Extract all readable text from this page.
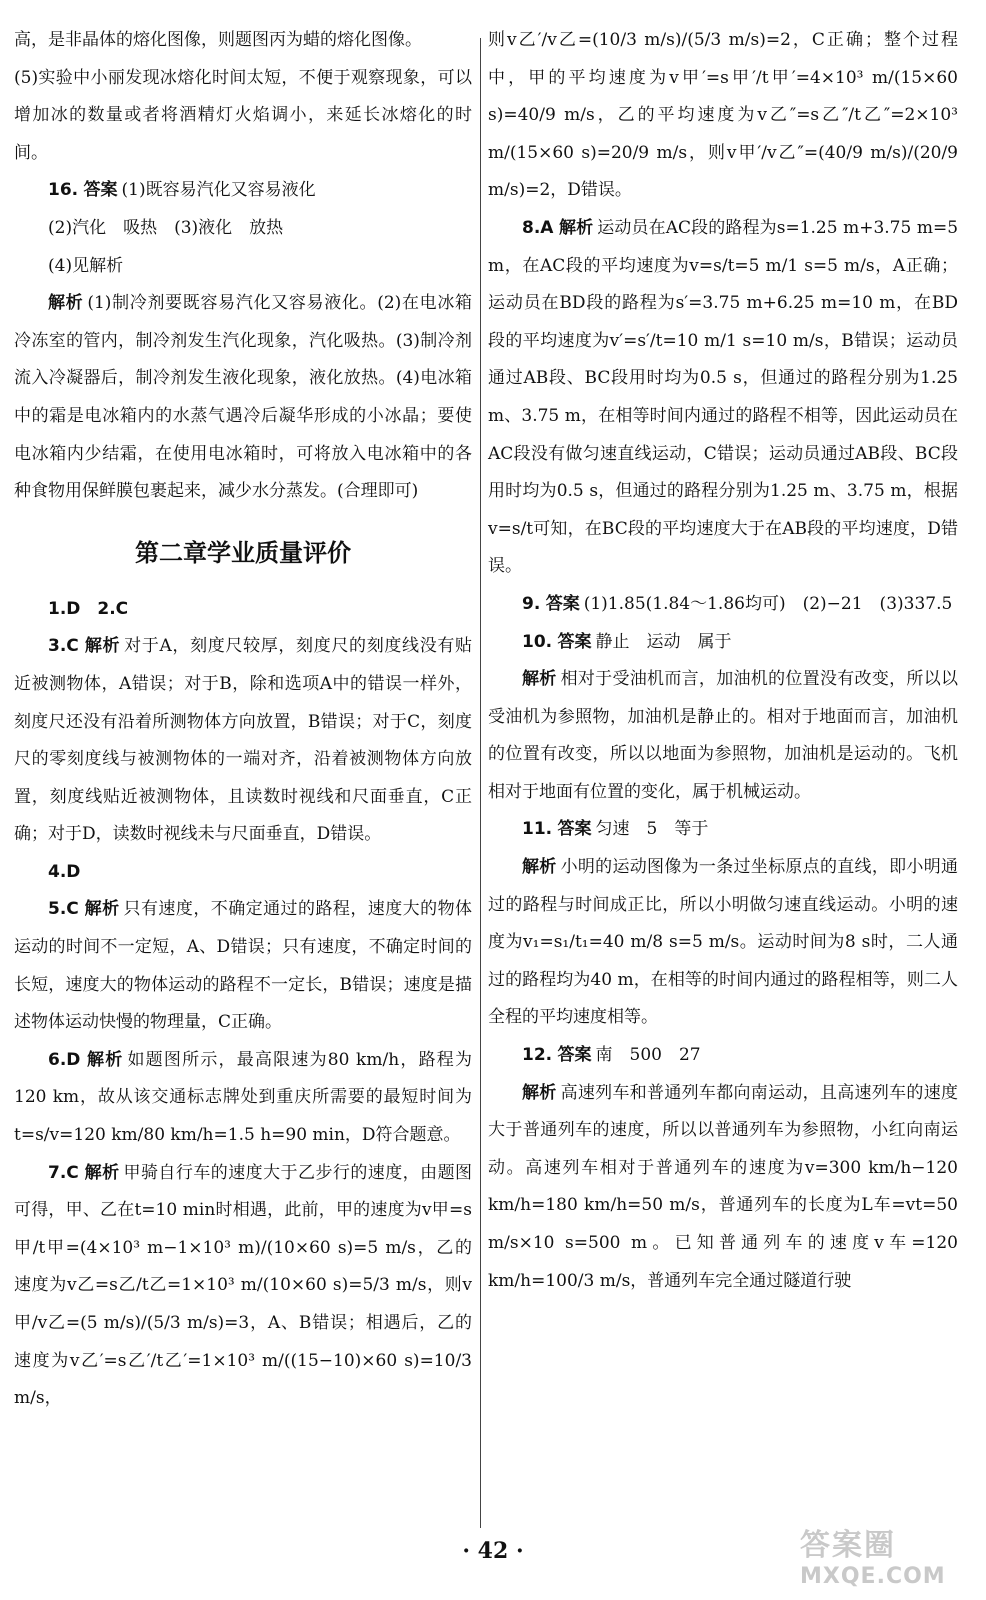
高，是非晶体的熔化图像，则题图丙为蜡的熔化图像。

(5)实验中小丽发现冰熔化时间太短，不便于观察现象，可以增加冰的数量或者将酒精灯火焰调小，来延长冰熔化的时间。

16. 答案 (1)既容易汽化又容易液化

(2)汽化　吸热　(3)液化　放热

(4)见解析

解析 (1)制冷剂要既容易汽化又容易液化。(2)在电冰箱冷冻室的管内，制冷剂发生汽化现象，汽化吸热。(3)制冷剂流入冷凝器后，制冷剂发生液化现象，液化放热。(4)电冰箱中的霜是电冰箱内的水蒸气遇冷后凝华形成的小冰晶；要使电冰箱内少结霜，在使用电冰箱时，可将放入电冰箱中的各种食物用保鲜膜包裹起来，减少水分蒸发。(合理即可)

第二章学业质量评价

1.D　2.C

3.C 解析 对于A，刻度尺较厚，刻度尺的刻度线没有贴近被测物体，A错误；对于B，除和选项A中的错误一样外，刻度尺还没有沿着所测物体方向放置，B错误；对于C，刻度尺的零刻度线与被测物体的一端对齐，沿着被测物体方向放置，刻度线贴近被测物体，且读数时视线和尺面垂直，C正确；对于D，读数时视线未与尺面垂直，D错误。

4.D

5.C 解析 只有速度，不确定通过的路程，速度大的物体运动的时间不一定短，A、D错误；只有速度，不确定时间的长短，速度大的物体运动的路程不一定长，B错误；速度是描述物体运动快慢的物理量，C正确。

6.D 解析 如题图所示，最高限速为80 km/h，路程为120 km，故从该交通标志牌处到重庆所需要的最短时间为t=s/v=120 km/80 km/h=1.5 h=90 min，D符合题意。

7.C 解析 甲骑自行车的速度大于乙步行的速度，由题图可得，甲、乙在t=10 min时相遇，此前，甲的速度为v甲=s甲/t甲=(4×10³ m−1×10³ m)/(10×60 s)=5 m/s，乙的速度为v乙=s乙/t乙=1×10³ m/(10×60 s)=5/3 m/s，则v甲/v乙=(5 m/s)/(5/3 m/s)=3，A、B错误；相遇后，乙的速度为v乙′=s乙′/t乙′=1×10³ m/((15−10)×60 s)=10/3 m/s，

则v乙′/v乙=(10/3 m/s)/(5/3 m/s)=2，C正确；整个过程中，甲的平均速度为v甲′=s甲′/t甲′=4×10³ m/(15×60 s)=40/9 m/s，乙的平均速度为v乙″=s乙″/t乙″=2×10³ m/(15×60 s)=20/9 m/s，则v甲′/v乙″=(40/9 m/s)/(20/9 m/s)=2，D错误。

8.A 解析 运动员在AC段的路程为s=1.25 m+3.75 m=5 m，在AC段的平均速度为v=s/t=5 m/1 s=5 m/s，A正确；运动员在BD段的路程为s′=3.75 m+6.25 m=10 m，在BD段的平均速度为v′=s′/t=10 m/1 s=10 m/s，B错误；运动员通过AB段、BC段用时均为0.5 s，但通过的路程分别为1.25 m、3.75 m，在相等时间内通过的路程不相等，因此运动员在AC段没有做匀速直线运动，C错误；运动员通过AB段、BC段用时均为0.5 s，但通过的路程分别为1.25 m、3.75 m，根据v=s/t可知，在BC段的平均速度大于在AB段的平均速度，D错误。

9. 答案 (1)1.85(1.84～1.86均可)　(2)−21　(3)337.5

10. 答案 静止　运动　属于

解析 相对于受油机而言，加油机的位置没有改变，所以以受油机为参照物，加油机是静止的。相对于地面而言，加油机的位置有改变，所以以地面为参照物，加油机是运动的。飞机相对于地面有位置的变化，属于机械运动。

11. 答案 匀速　5　等于

解析 小明的运动图像为一条过坐标原点的直线，即小明通过的路程与时间成正比，所以小明做匀速直线运动。小明的速度为v₁=s₁/t₁=40 m/8 s=5 m/s。运动时间为8 s时，二人通过的路程均为40 m，在相等的时间内通过的路程相等，则二人全程的平均速度相等。

12. 答案 南　500　27

解析 高速列车和普通列车都向南运动，且高速列车的速度大于普通列车的速度，所以以普通列车为参照物，小红向南运动。高速列车相对于普通列车的速度为v=300 km/h−120 km/h=180 km/h=50 m/s，普通列车的长度为L车=vt=50 m/s×10 s=500 m。已知普通列车的速度v车=120 km/h=100/3 m/s，普通列车完全通过隧道行驶

· 42 ·	答案圈
MXQE.COM
